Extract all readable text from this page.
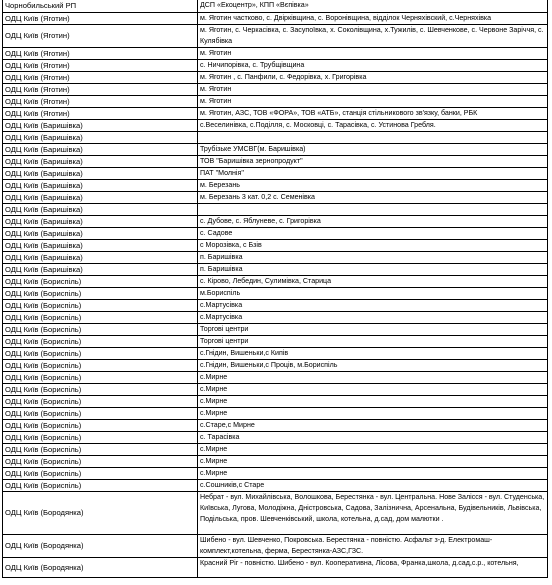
Чорнобильський РП	ДСП «Екоцентр», КПП «Вєпівка»
ОДЦ Київ (Яготин)	м. Яготин частково, с. Двірківщина, с. Воронівщина, відділок Черняхівский, с.Черняхівка
ОДЦ Київ (Яготин)	м. Яготин, с. Черкасівка, с. Засупоївка, х. Соколівщина, х.Тужилів, с. Шевченкове, с. Червоне Заріччя, с. Кулябівка
ОДЦ Київ (Яготин)	м. Яготин
ОДЦ Київ (Яготин)	с. Ничипорівка, с. Трубщівщина
ОДЦ Київ (Яготин)	м. Яготин , с. Панфили, с. Федорівка, х. Григорівка
ОДЦ Київ (Яготин)	м. Яготин
ОДЦ Київ (Яготин)	м. Яготин
ОДЦ Київ (Яготин)	м. Яготин, АЗС, ТОВ «ФОРА», ТОВ «АТБ», станція стільникового зв'язку, банки, РБК
ОДЦ Київ (Баришівка)	с.Веселинівка, с.Поділля, с. Московці, с. Тарасівка, с. Устинова Гребля.
ОДЦ Київ (Баришівка)	
ОДЦ Київ (Баришівка)	Трубізьке УМСВГ(м. Баришівка)
ОДЦ Київ (Баришівка)	ТОВ "Баришівка зернопродукт"
ОДЦ Київ (Баришівка)	ПАТ "Молнія"
ОДЦ Київ (Баришівка)	м. Березань
ОДЦ Київ (Баришівка)	м. Березань 3 кат. 0,2 с. Семенівка
ОДЦ Київ (Баришівка)	
ОДЦ Київ (Баришівка)	с. Дубове, с. Яблуневе, с. Григорівка
ОДЦ Київ (Баришівка)	с. Садове
ОДЦ Київ (Баришівка)	с Морозівка, с Бзів
ОДЦ Київ (Баришівка)	п. Баришівка
ОДЦ Київ (Баришівка)	п. Баришівка
ОДЦ Київ (Бориспіль)	с. Кірово, Лебедин, Сулимівка, Старица
ОДЦ Київ (Бориспіль)	м.Бориспіль
ОДЦ Київ (Бориспіль)	с.Мартусівка
ОДЦ Київ (Бориспіль)	с.Мартусівка
ОДЦ Київ (Бориспіль)	Торгові центри
ОДЦ Київ (Бориспіль)	Торгові центри
ОДЦ Київ (Бориспіль)	с.Гнідин, Вишеньки,с Кипів
ОДЦ Київ (Бориспіль)	с.Гнідин, Вишеньки,с Проців, м.Бориспіль
ОДЦ Київ (Бориспіль)	с.Мирне
ОДЦ Київ (Бориспіль)	с.Мирне
ОДЦ Київ (Бориспіль)	с.Мирне
ОДЦ Київ (Бориспіль)	с.Мирне
ОДЦ Київ (Бориспіль)	с.Старе,с Мирне
ОДЦ Київ (Бориспіль)	с. Тарасівка
ОДЦ Київ (Бориспіль)	с.Мирне
ОДЦ Київ (Бориспіль)	с.Мирне
ОДЦ Київ (Бориспіль)	с.Мирне
ОДЦ Київ (Бориспіль)	с.Сошників,с Старе
ОДЦ Київ (Бородянка)	Небрат - вул. Михайлівська, Волошкова, Берестянка - вул. Центральна. Нове Залісся - вул. Студенська, Київська, Лугова, Молодіжна, Дністровська, Садова, Залізнична, Арсенальна, Будівельників, Львівська, Подільська, пров. Шевченківський, школа, котельна, д.сад, дом малютки .
ОДЦ Київ (Бородянка)	Шибено - вул. Шевченко, Покровська. Берестянка - повністю. Асфальт з-д. Електромаш-комплект,котельна, ферма, Берестянка-АЗС,ГЗС.
ОДЦ Київ (Бородянка)	Красний Ріг - повністю. Шибено - вул. Кооперативна, Лісова, Франка,школа, д.сад,с.р., котельня,
